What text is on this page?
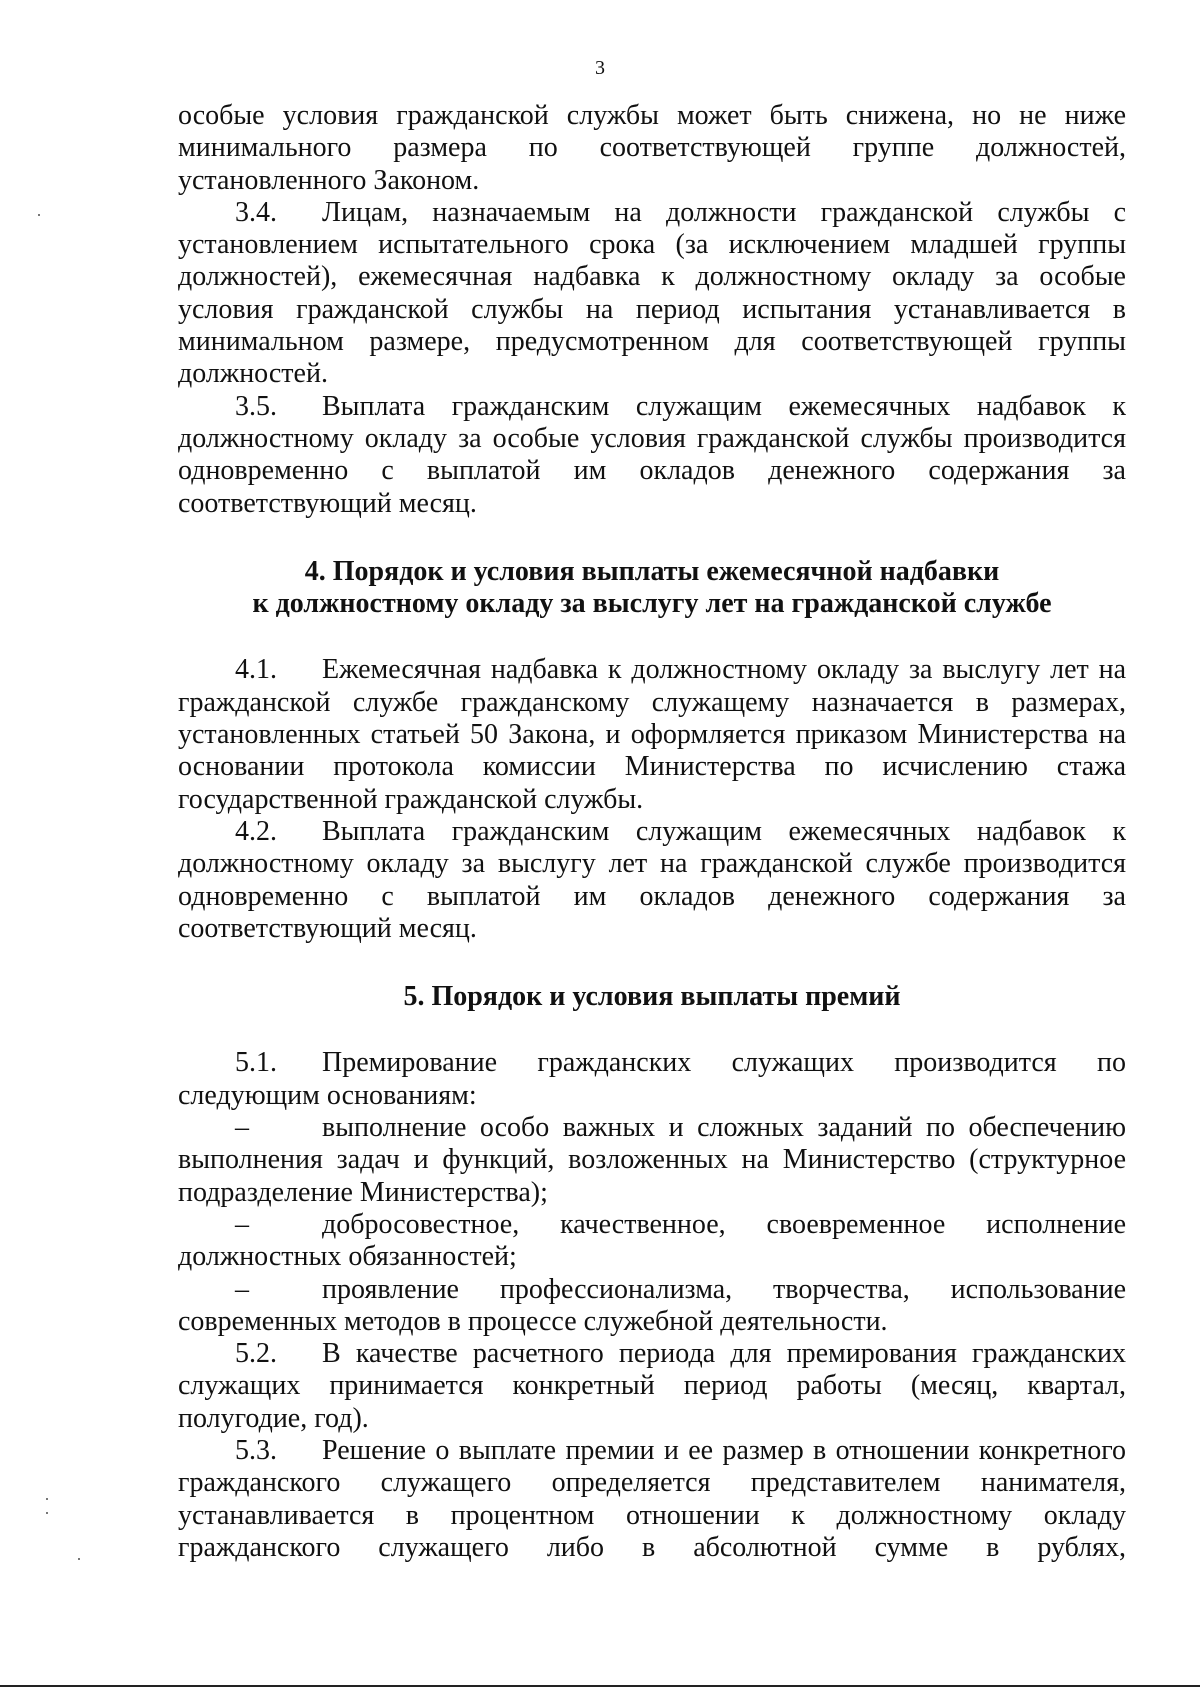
3
особые условия гражданской службы может быть снижена, но не ниже
минимального размера по соответствующей группе должностей,
установленного Законом.
3.4. Лицам, назначаемым на должности гражданской службы с
установлением испытательного срока (за исключением младшей группы
должностей), ежемесячная надбавка к должностному окладу за особые
условия гражданской службы на период испытания устанавливается в
минимальном размере, предусмотренном для соответствующей группы
должностей.
3.5. Выплата гражданским служащим ежемесячных надбавок к
должностному окладу за особые условия гражданской службы производится
одновременно с выплатой им окладов денежного содержания за
соответствующий месяц.
4. Порядок и условия выплаты ежемесячной надбавки
к должностному окладу за выслугу лет на гражданской службе
4.1. Ежемесячная надбавка к должностному окладу за выслугу лет на
гражданской службе гражданскому служащему назначается в размерах,
установленных статьей 50 Закона, и оформляется приказом Министерства на
основании протокола комиссии Министерства по исчислению стажа
государственной гражданской службы.
4.2. Выплата гражданским служащим ежемесячных надбавок к
должностному окладу за выслугу лет на гражданской службе производится
одновременно с выплатой им окладов денежного содержания за
соответствующий месяц.
5. Порядок и условия выплаты премий
5.1. Премирование гражданских служащих производится по
следующим основаниям:
–	выполнение особо важных и сложных заданий по обеспечению
выполнения задач и функций, возложенных на Министерство (структурное
подразделение Министерства);
–	добросовестное, качественное, своевременное исполнение
должностных обязанностей;
–	проявление профессионализма, творчества, использование
современных методов в процессе служебной деятельности.
5.2. В качестве расчетного периода для премирования гражданских
служащих принимается конкретный период работы (месяц, квартал,
полугодие, год).
5.3. Решение о выплате премии и ее размер в отношении конкретного
гражданского служащего определяется представителем нанимателя,
устанавливается в процентном отношении к должностному окладу
гражданского служащего либо в абсолютной сумме в рублях,
